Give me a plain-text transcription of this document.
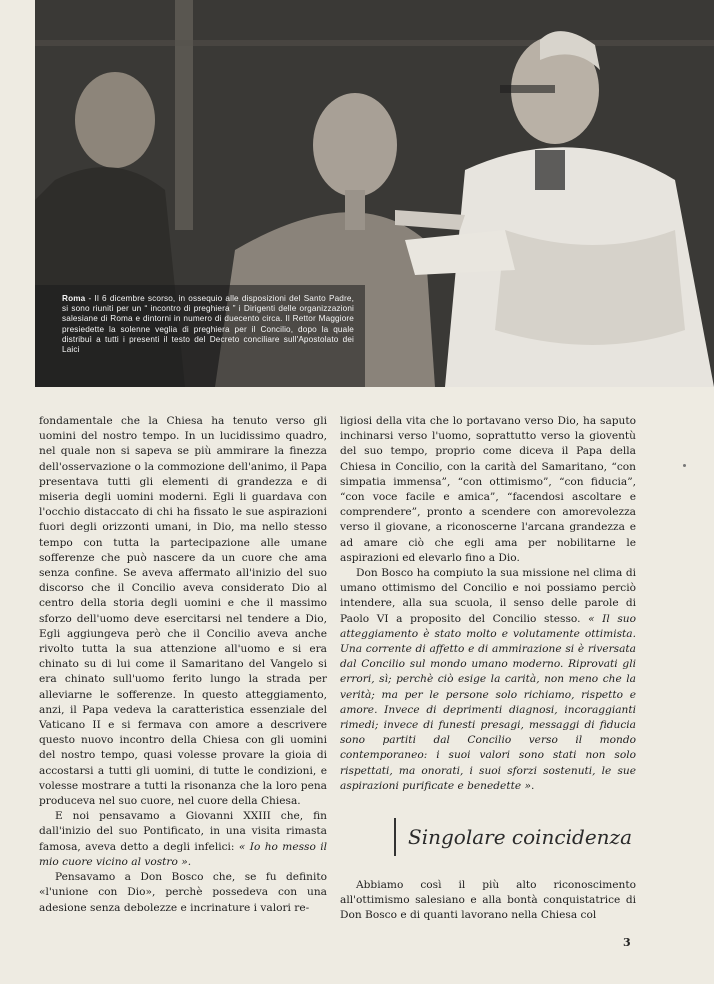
Roma - Il 6 dicembre scorso, in ossequio alle disposizioni del Santo Padre, si sono riuniti per un “ incontro di preghiera ” i Dirigenti delle organizzazioni salesiane di Roma e dintorni in numero di duecento circa. Il Rettor Maggiore presiedette la solenne veglia di preghiera per il Concilio, dopo la quale distribuì a tutti i presenti il testo del Decreto conciliare sull'Apostolato dei Laici

fondamentale che la Chiesa ha tenuto verso gli uomini del nostro tempo. In un lucidissimo quadro, nel quale non si sapeva se più ammirare la finezza dell'osservazione o la commozione dell'animo, il Papa presentava tutti gli elementi di grandezza e di miseria degli uomini moderni. Egli li guardava con l'occhio distaccato di chi ha fissato le sue aspirazioni fuori degli orizzonti umani, in Dio, ma nello stesso tempo con tutta la partecipazione alle umane sofferenze che può nascere da un cuore che ama senza confine. Se aveva affermato all'inizio del suo discorso che il Concilio aveva considerato Dio al centro della storia degli uomini e che il massimo sforzo dell'uomo deve esercitarsi nel tendere a Dio, Egli aggiungeva però che il Concilio aveva anche rivolto tutta la sua attenzione all'uomo e si era chinato su di lui come il Samaritano del Vangelo si era chinato sull'uomo ferito lungo la strada per alleviarne le sofferenze. In questo atteggiamento, anzi, il Papa vedeva la caratteristica essenziale del Vaticano II e si fermava con amore a descrivere questo nuovo incontro della Chiesa con gli uomini del nostro tempo, quasi volesse provare la gioia di accostarsi a tutti gli uomini, di tutte le condizioni, e volesse mostrare a tutti la risonanza che la loro pena produceva nel suo cuore, nel cuore della Chiesa.

E noi pensavamo a Giovanni XXIII che, fin dall'inizio del suo Pontificato, in una visita rimasta famosa, aveva detto a degli infelici: « Io ho messo il mio cuore vicino al vostro ».

Pensavamo a Don Bosco che, se fu definito «l'unione con Dio», perchè possedeva con una adesione senza debolezze e incrinature i valori re-

ligiosi della vita che lo portavano verso Dio, ha saputo inchinarsi verso l'uomo, soprattutto verso la gioventù del suo tempo, proprio come diceva il Papa della Chiesa in Concilio, con la carità del Samaritano, “con simpatia immensa”, “con ottimismo”, “con fiducia”, “con voce facile e amica”, “facendosi ascoltare e comprendere”, pronto a scendere con amorevolezza verso il giovane, a riconoscerne l'arcana grandezza e ad amare ciò che egli ama per nobilitarne le aspirazioni ed elevarlo fino a Dio.

Don Bosco ha compiuto la sua missione nel clima di umano ottimismo del Concilio e noi possiamo perciò intendere, alla sua scuola, il senso delle parole di Paolo VI a proposito del Concilio stesso. « Il suo atteggiamento è stato molto e volutamente ottimista. Una corrente di affetto e di ammirazione si è riversata dal Concilio sul mondo umano moderno. Riprovati gli errori, sì; perchè ciò esige la carità, non meno che la verità; ma per le persone solo richiamo, rispetto e amore. Invece di deprimenti diagnosi, incoraggianti rimedi; invece di funesti presagi, messaggi di fiducia sono partiti dal Concilio verso il mondo contemporaneo: i suoi valori sono stati non solo rispettati, ma onorati, i suoi sforzi sostenuti, le sue aspirazioni purificate e benedette ».

Singolare coincidenza

Abbiamo così il più alto riconoscimento all'ottimismo salesiano e alla bontà conquistatrice di Don Bosco e di quanti lavorano nella Chiesa col

3
